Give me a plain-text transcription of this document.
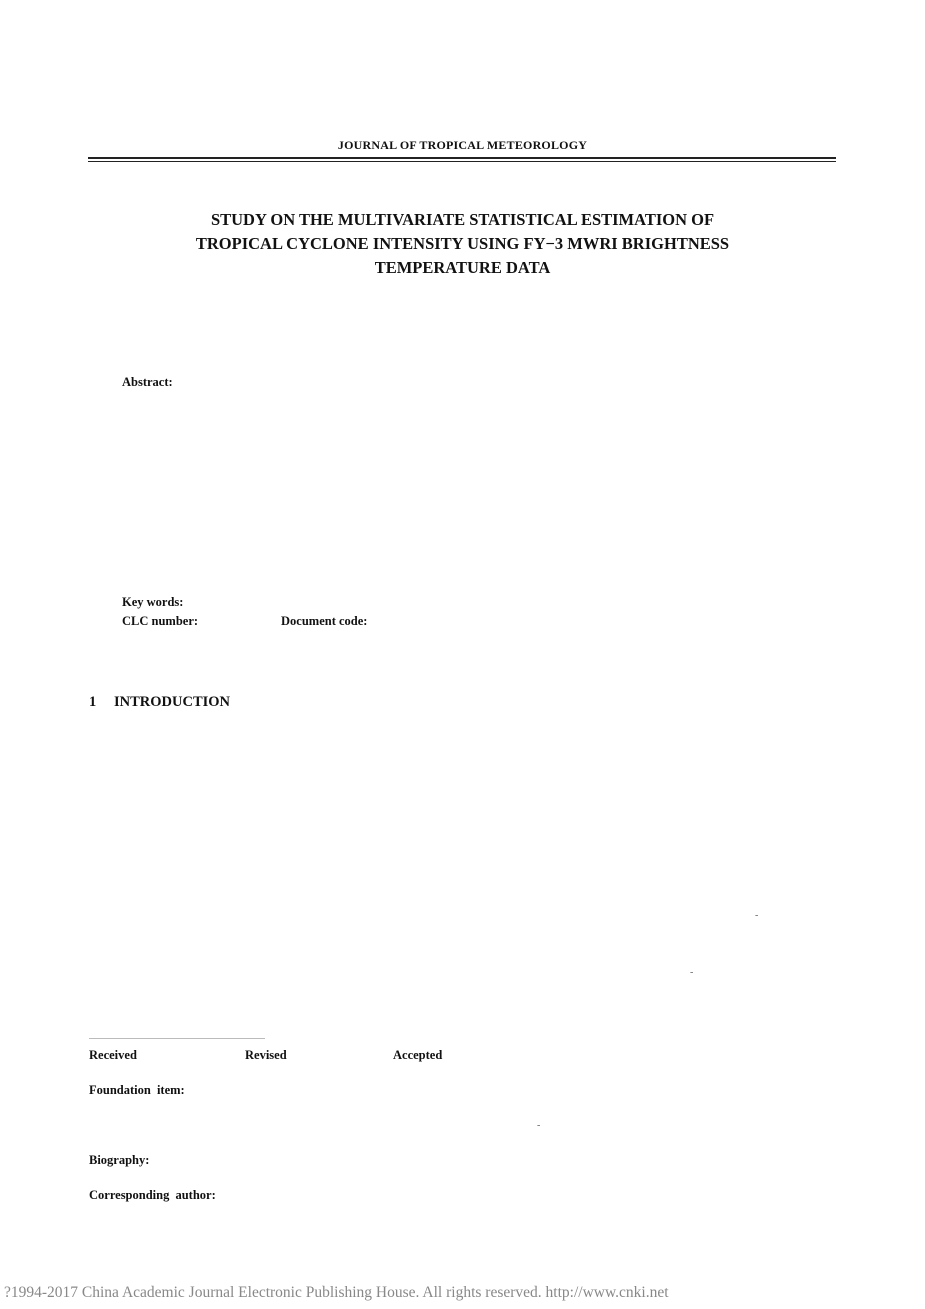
JOURNAL OF TROPICAL METEOROLOGY
STUDY ON THE MULTIVARIATE STATISTICAL ESTIMATION OF
TROPICAL CYCLONE INTENSITY USING FY−3 MWRI BRIGHTNESS
TEMPERATURE DATA
Abstract:
Key words:
CLC number:	Document code:
1 INTRODUCTION
-
-
Received	Revised	Accepted
Foundation item:
-
Biography:
Corresponding author:
?1994-2017 China Academic Journal Electronic Publishing House. All rights reserved. http://www.cnki.net
